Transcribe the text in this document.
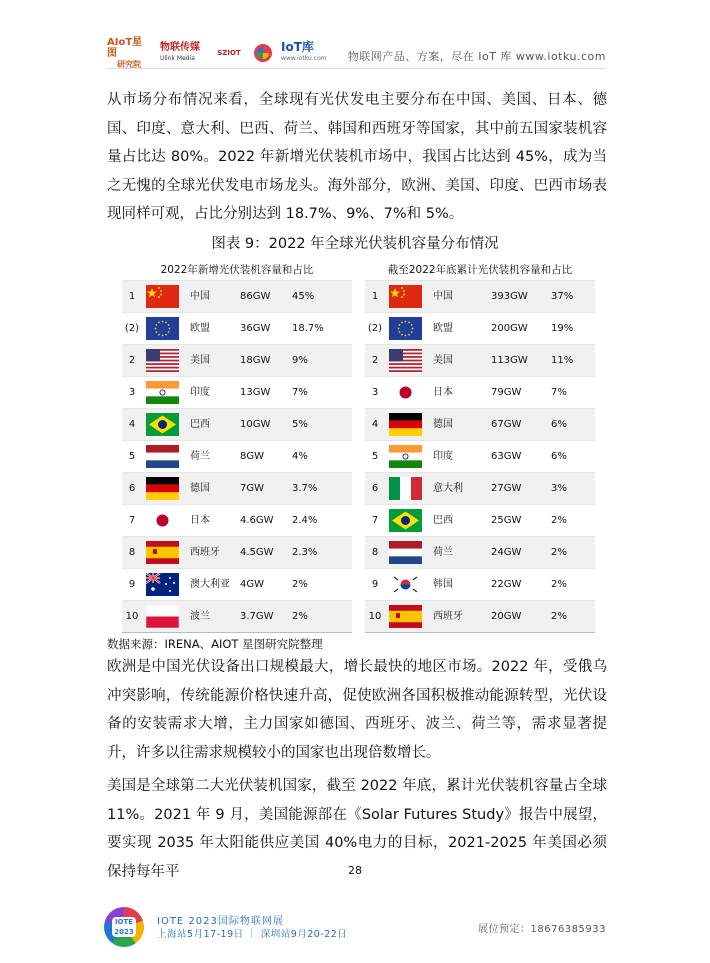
AIoT星图
研究院
物联传媒
Ulink Media
SZIOT	IoT库
www.iotku.com 物联网产品、方案，尽在 IoT 库 www.iotku.com
从市场分布情况来看，全球现有光伏发电主要分布在中国、美国、日本、德国、印度、意大利、巴西、荷兰、韩国和西班牙等国家，其中前五国家装机容量占比达 80%。2022 年新增光伏装机市场中，我国占比达到 45%，成为当之无愧的全球光伏发电市场龙头。海外部分，欧洲、美国、印度、巴西市场表现同样可观，占比分别达到 18.7%、9%、7%和 5%。
图表 9：2022 年全球光伏装机容量分布情况
2022年新增光伏装机容量和占比
1	中国	86GW	45%
(2)	欧盟	36GW	18.7%
2	美国	18GW	9%
3	印度	13GW	7%
4	巴西	10GW	5%
5	荷兰	8GW	4%
6	德国	7GW	3.7%
7	日本	4.6GW	2.4%
8	西班牙	4.5GW	2.3%
9	澳大利亚	4GW	2%
10	波兰	3.7GW	2%
截至2022年底累计光伏装机容量和占比
1	中国	393GW	37%
(2)	欧盟	200GW	19%
2	美国	113GW	11%
3	日本	79GW	7%
4	德国	67GW	6%
5	印度	63GW	6%
6	意大利	27GW	3%
7	巴西	25GW	2%
8	荷兰	24GW	2%
9	韩国	22GW	2%
10	西班牙	20GW	2%
数据来源：IRENA、AIOT 星图研究院整理
欧洲是中国光伏设备出口规模最大，增长最快的地区市场。2022 年，受俄乌冲突影响，传统能源价格快速升高，促使欧洲各国积极推动能源转型，光伏设备的安装需求大增，主力国家如德国、西班牙、波兰、荷兰等，需求显著提升，许多以往需求规模较小的国家也出现倍数增长。
美国是全球第二大光伏装机国家，截至 2022 年底，累计光伏装机容量占全球 11%。2021 年 9 月，美国能源部在《Solar Futures Study》报告中展望，要实现 2035 年太阳能供应美国 40%电力的目标，2021-2025 年美国必须保持每年平	28
IOTE 2023
IOTE 2023国际物联网展
上海站5月17-19日 ｜ 深圳站9月20-22日	展位预定：18676385933
